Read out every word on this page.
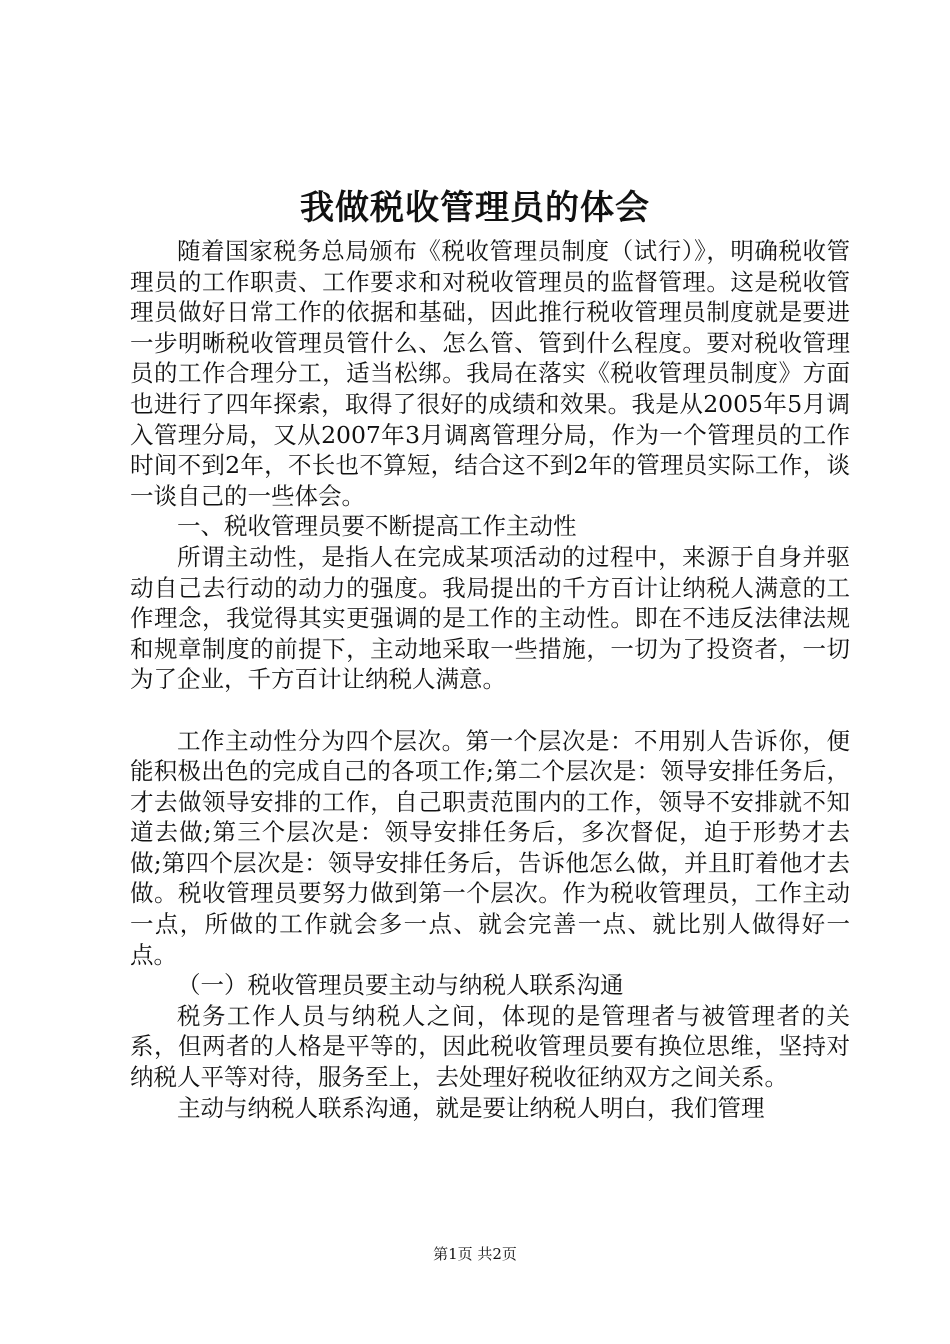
我做税收管理员的体会

随着国家税务总局颁布《税收管理员制度（试行）》，明确税收管理员的工作职责、工作要求和对税收管理员的监督管理。这是税收管理员做好日常工作的依据和基础，因此推行税收管理员制度就是要进一步明晰税收管理员管什么、怎么管、管到什么程度。要对税收管理员的工作合理分工，适当松绑。我局在落实《税收管理员制度》方面也进行了四年探索，取得了很好的成绩和效果。我是从2005年5月调入管理分局，又从2007年3月调离管理分局，作为一个管理员的工作时间不到2年，不长也不算短，结合这不到2年的管理员实际工作，谈一谈自己的一些体会。

一、税收管理员要不断提高工作主动性

所谓主动性，是指人在完成某项活动的过程中，来源于自身并驱动自己去行动的动力的强度。我局提出的千方百计让纳税人满意的工作理念，我觉得其实更强调的是工作的主动性。即在不违反法律法规和规章制度的前提下，主动地采取一些措施，一切为了投资者，一切为了企业，千方百计让纳税人满意。

工作主动性分为四个层次。第一个层次是：不用别人告诉你，便能积极出色的完成自己的各项工作;第二个层次是：领导安排任务后，才去做领导安排的工作，自己职责范围内的工作，领导不安排就不知道去做;第三个层次是：领导安排任务后，多次督促，迫于形势才去做;第四个层次是：领导安排任务后，告诉他怎么做，并且盯着他才去做。税收管理员要努力做到第一个层次。作为税收管理员，工作主动一点，所做的工作就会多一点、就会完善一点、就比别人做得好一点。

（一）税收管理员要主动与纳税人联系沟通

税务工作人员与纳税人之间，体现的是管理者与被管理者的关系，但两者的人格是平等的，因此税收管理员要有换位思维，坚持对纳税人平等对待，服务至上，去处理好税收征纳双方之间关系。

主动与纳税人联系沟通，就是要让纳税人明白，我们管理

第1页 共2页
